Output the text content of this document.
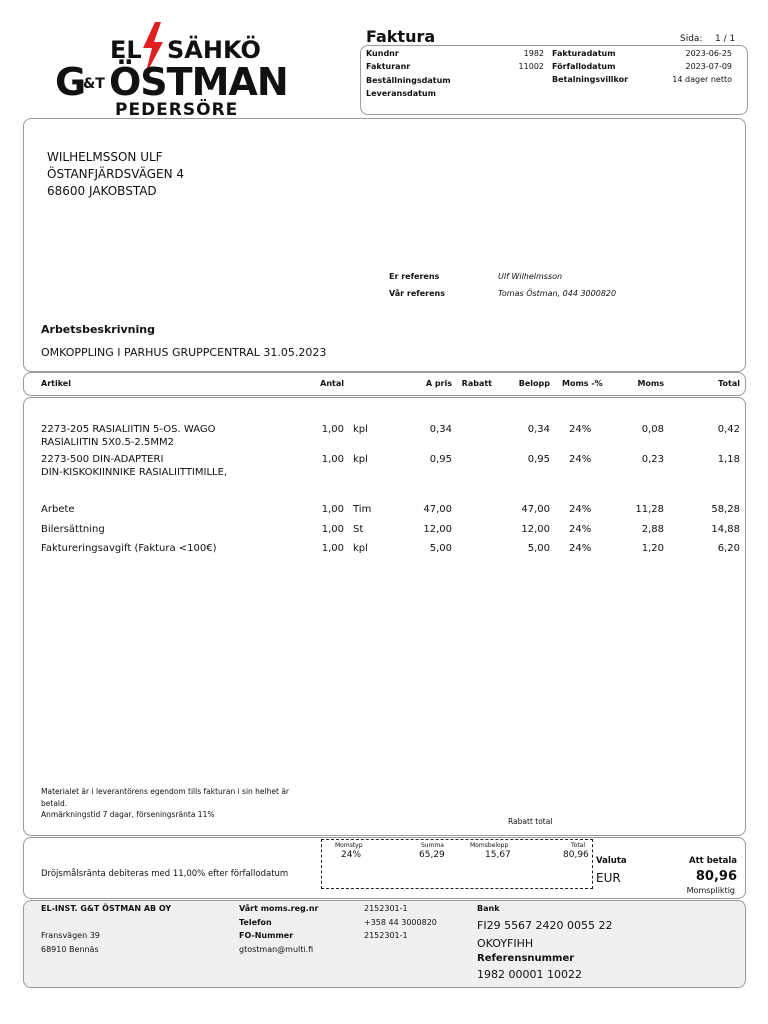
EL SÄHKÖ
G
&T ÖSTMAN
PEDERSÖRE
Faktura	Sida: 1 / 1
Kundnr	1982
Fakturanr	11002
Beställningsdatum
Leveransdatum
Fakturadatum	2023-06-25
Förfallodatum	2023-07-09
Betalningsvillkor	14 dager netto
WILHELMSSON ULF
ÖSTANFJÄRDSVÄGEN 4
68600 JAKOBSTAD
Er referens	Ulf Wilhelmsson
Vår referens	Tomas Östman, 044 3000820
Arbetsbeskrivning
OMKOPPLING I PARHUS GRUPPCENTRAL 31.05.2023
Artikel	Antal	A pris	Rabatt	Belopp Moms -%	Moms	Total
2273-205 RASIALIITIN 5-OS. WAGO	1,00 kpl	0,34	0,34 24%	0,08	0,42
RASIALIITIN 5X0.5-2.5MM2
2273-500 DIN-ADAPTERI	1,00 kpl	0,95	0,95 24%	0,23	1,18
DIN-KISKOKIINNIKE RASIALIITTIMILLE,
Arbete	1,00 Tim	47,00	47,00 24%	11,28	58,28
Bilersättning	1,00 St	12,00	12,00 24%	2,88	14,88
Faktureringsavgift (Faktura <100€)	1,00 kpl	5,00	5,00 24%	1,20	6,20
Materialet är i leverantörens egendom tills fakturan i sin helhet är
betald.
Anmärkningstid 7 dagar, förseningsränta 11%
Rabatt total
Dröjsmålsränta debiteras med 11,00% efter förfallodatum
Momstyp	Summa	Momsbelopp	Total
24%	65,29	15,67	80,96
Valuta	Att betala
EUR	80,96
Momspliktig
EL-INST. G&T ÖSTMAN AB OY
Fransvägen 39
68910 Bennäs
Vårt moms.reg.nr	2152301-1
Telefon	+358 44 3000820
FO-Nummer	2152301-1
gtostman@multi.fi
Bank
FI29 5567 2420 0055 22
OKOYFIHH
Referensnummer
1982 00001 10022
